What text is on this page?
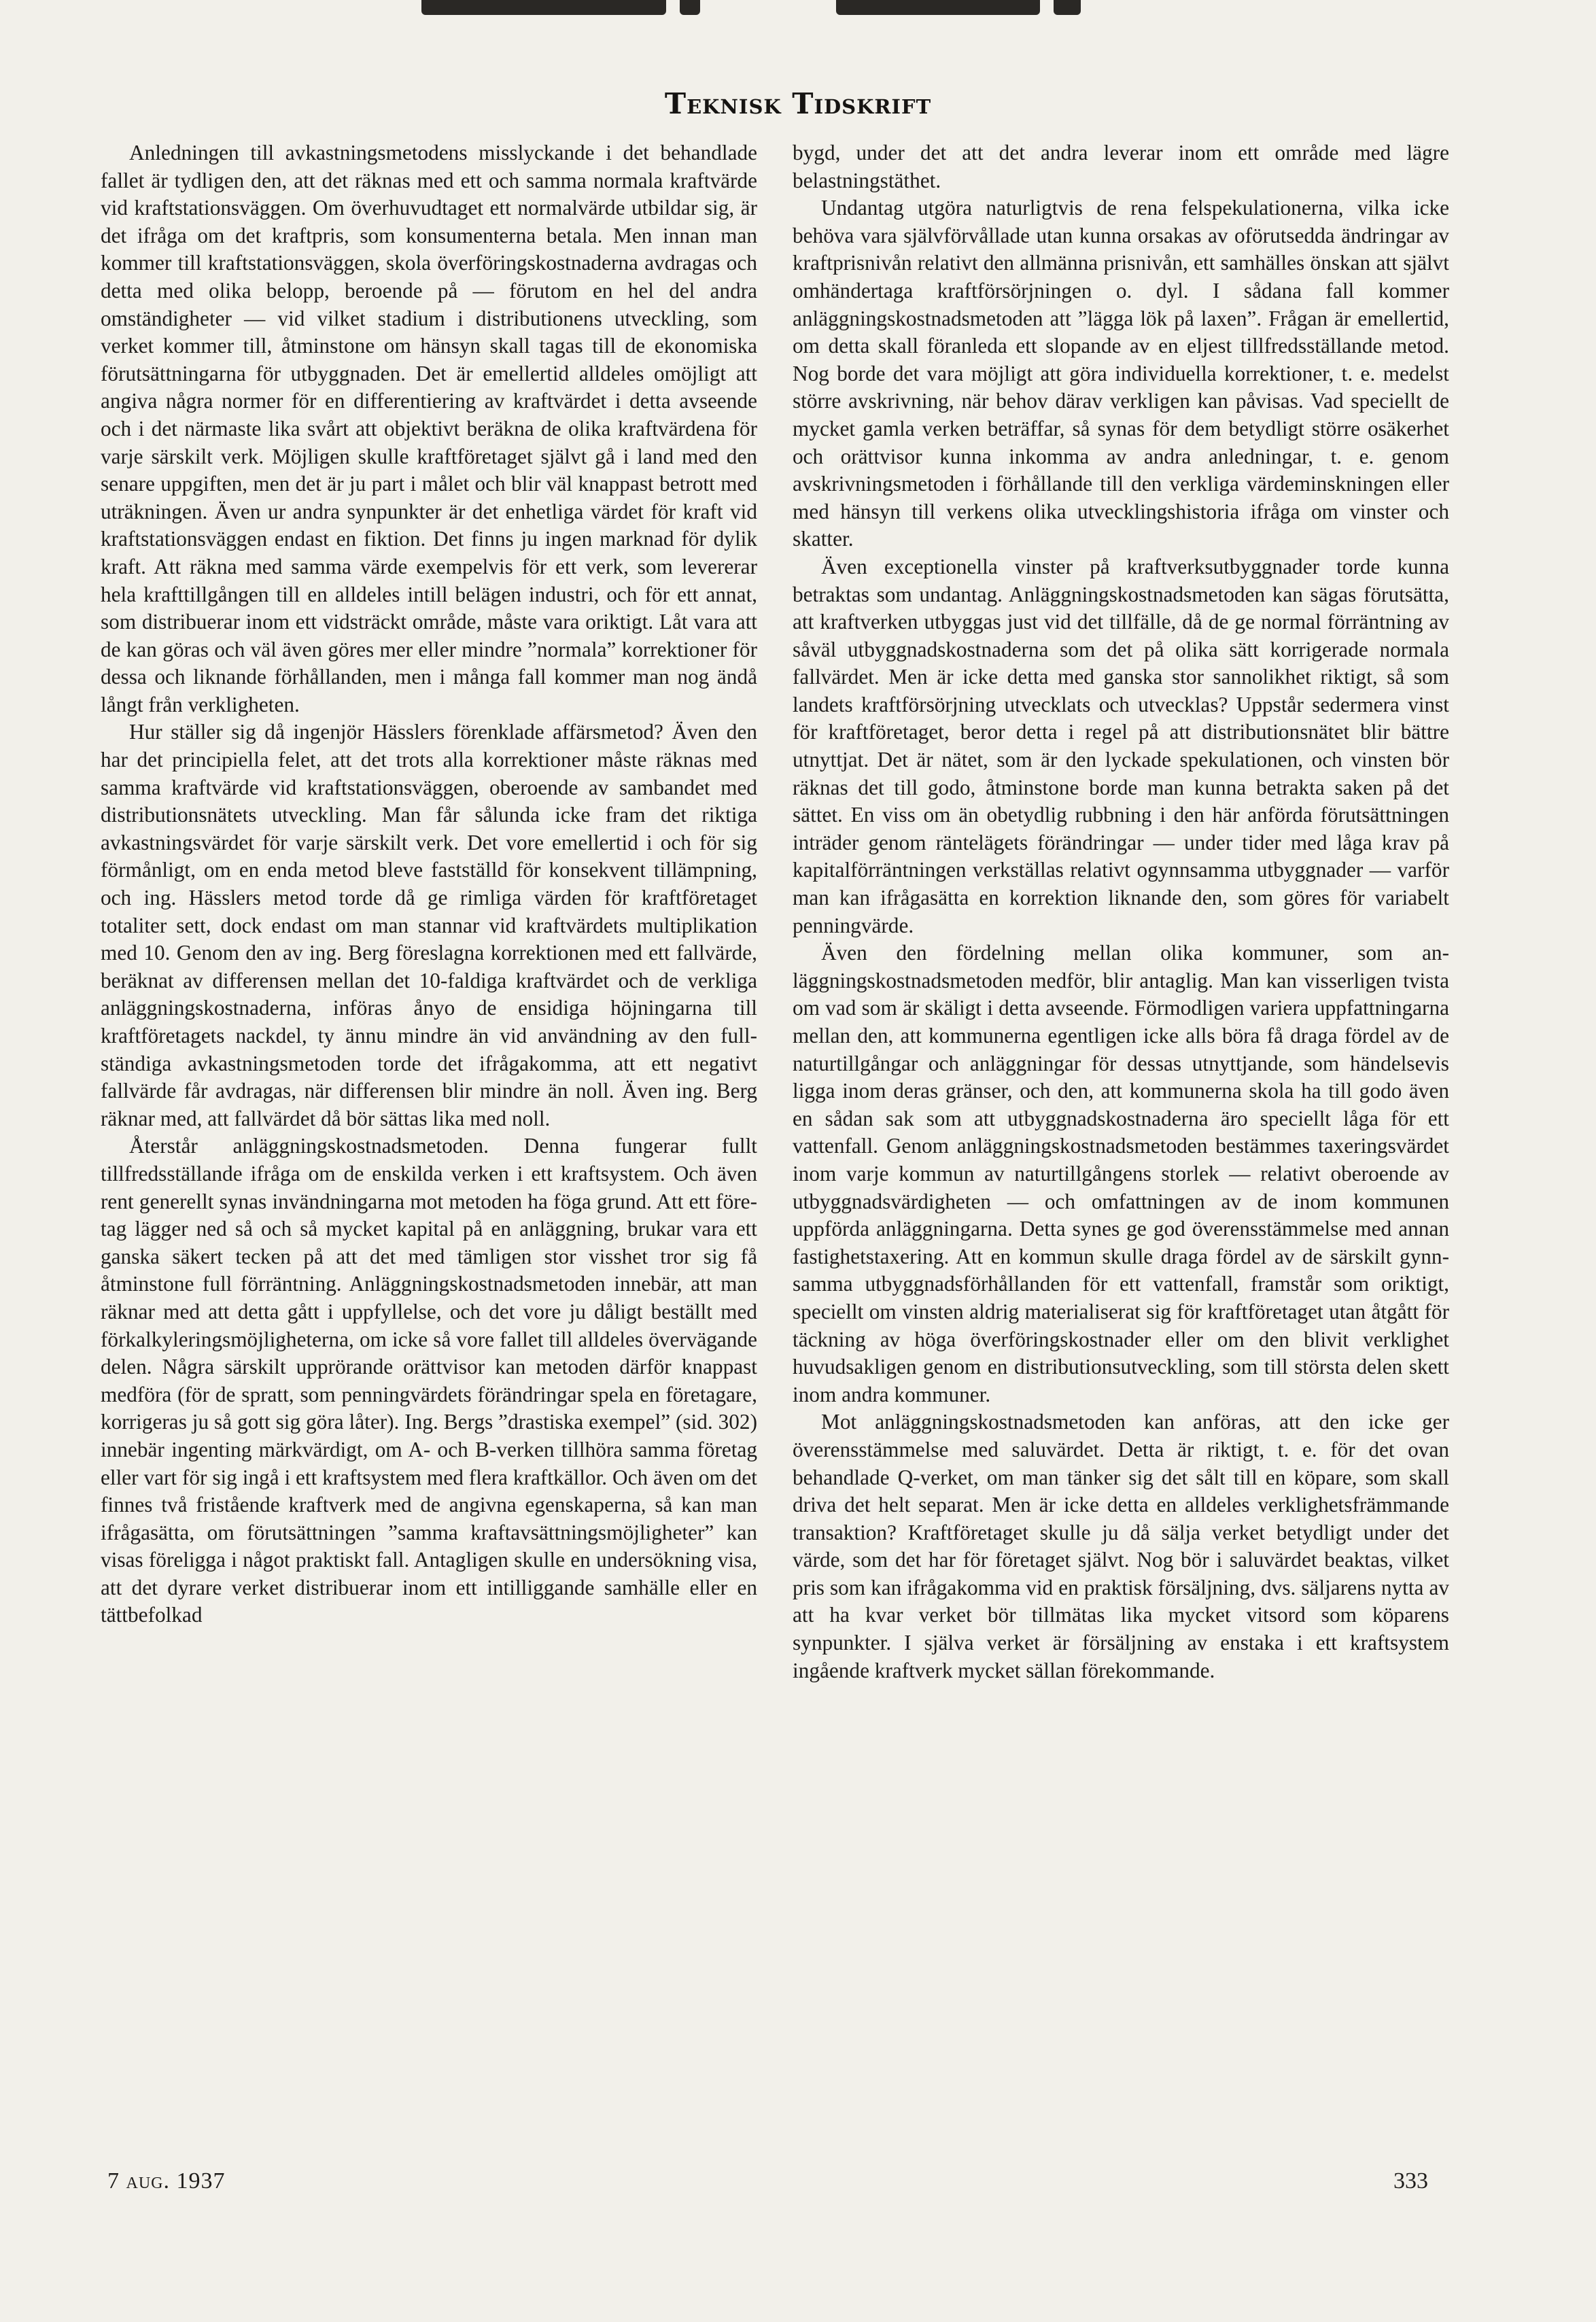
Teknisk Tidskrift

Anledningen till avkastningsmetodens misslyckande i det behandlade fallet är tydligen den, att det räknas med ett och samma normala kraftvärde vid kraftstationsväggen. Om överhuvudtaget ett normalvärde utbildar sig, är det ifråga om det kraftpris, som konsumenterna betala. Men innan man kommer till kraftstationsväggen, skola överföringskostnaderna avdragas och detta med olika belopp, beroende på — förutom en hel del andra omständigheter — vid vilket stadium i distributionens utveckling, som verket kommer till, åtminstone om hänsyn skall tagas till de ekonomiska förutsättningarna för utbyggnaden. Det är emellertid alldeles omöjligt att angiva några normer för en differentiering av kraftvärdet i detta avseende och i det närmaste lika svårt att objektivt beräkna de olika kraftvärdena för varje särskilt verk. Möjligen skulle kraftföretaget självt gå i land med den senare uppgiften, men det är ju part i målet och blir väl knappast betrott med uträkningen. Även ur andra synpunkter är det enhetliga värdet för kraft vid kraftstationsväggen endast en fiktion. Det finns ju ingen marknad för dylik kraft. Att räkna med samma värde exempelvis för ett verk, som levererar hela krafttillgången till en alldeles intill belägen industri, och för ett annat, som distribuerar inom ett vidsträckt område, måste vara oriktigt. Låt vara att de kan göras och väl även göres mer eller mindre ”normala” korrektioner för dessa och liknande förhållanden, men i många fall kommer man nog ändå långt från verkligheten.

Hur ställer sig då ingenjör Hässlers förenklade affärsmetod? Även den har det principiella felet, att det trots alla korrektioner måste räknas med samma kraftvärde vid kraftstationsväggen, oberoende av sambandet med distributionsnätets utveckling. Man får sålunda icke fram det riktiga avkastningsvärdet för varje särskilt verk. Det vore emellertid i och för sig förmånligt, om en enda metod bleve fastställd för konsekvent tillämpning, och ing. Hässlers metod torde då ge rimliga värden för kraftföretaget totaliter sett, dock endast om man stannar vid kraftvärdets multiplikation med 10. Genom den av ing. Berg föreslagna korrektionen med ett fallvärde, beräknat av differensen mellan det 10-faldiga kraftvärdet och de verkliga anläggningskostnaderna, införas ånyo de ensidiga höjningarna till kraftföretagets nackdel, ty ännu mindre än vid användning av den fullständiga avkastningsmetoden torde det ifrågakomma, att ett negativt fallvärde får avdragas, när differensen blir mindre än noll. Även ing. Berg räknar med, att fallvärdet då bör sättas lika med noll.

Återstår anläggningskostnadsmetoden. Denna fungerar fullt tillfredsställande ifråga om de enskilda verken i ett kraftsystem. Och även rent generellt synas invändningarna mot metoden ha föga grund. Att ett företag lägger ned så och så mycket kapital på en anläggning, brukar vara ett ganska säkert tecken på att det med tämligen stor visshet tror sig få åtminstone full förräntning. Anläggningskostnadsmetoden innebär, att man räknar med att detta gått i uppfyllelse, och det vore ju dåligt beställt med förkalkyleringsmöjligheterna, om icke så vore fallet till alldeles övervägande delen. Några särskilt upprörande orättvisor kan metoden därför knappast medföra (för de spratt, som penningvärdets förändringar spela en företagare, korrigeras ju så gott sig göra låter). Ing. Bergs ”drastiska exempel” (sid. 302) innebär ingenting märkvärdigt, om A- och B-verken tillhöra samma företag eller vart för sig ingå i ett kraftsystem med flera kraftkällor. Och även om det finnes två fristående kraftverk med de angivna egenskaperna, så kan man ifrågasätta, om förutsättningen ”samma kraftavsättningsmöjligheter” kan visas föreligga i något praktiskt fall. Antagligen skulle en undersökning visa, att det dyrare verket distribuerar inom ett intilliggande samhälle eller en tättbefolkad

bygd, under det att det andra leverar inom ett område med lägre belastningstäthet.

Undantag utgöra naturligtvis de rena felspekulationerna, vilka icke behöva vara självförvållade utan kunna orsakas av oförutsedda ändringar av kraftprisnivån relativt den allmänna prisnivån, ett samhälles önskan att självt omhändertaga kraftförsörjningen o. dyl. I sådana fall kommer anläggningskostnadsmetoden att ”lägga lök på laxen”. Frågan är emellertid, om detta skall föranleda ett slopande av en eljest tillfredsställande metod. Nog borde det vara möjligt att göra individuella korrektioner, t. e. medelst större avskrivning, när behov därav verkligen kan påvisas. Vad speciellt de mycket gamla verken beträffar, så synas för dem betydligt större osäkerhet och orättvisor kunna inkomma av andra anledningar, t. e. genom avskrivningsmetoden i förhållande till den verkliga värdeminskningen eller med hänsyn till verkens olika utvecklingshistoria ifråga om vinster och skatter.

Även exceptionella vinster på kraftverksutbyggnader torde kunna betraktas som undantag. Anläggningskostnadsmetoden kan sägas förutsätta, att kraftverken utbyggas just vid det tillfälle, då de ge normal förräntning av såväl utbyggnadskostnaderna som det på olika sätt korrigerade normala fallvärdet. Men är icke detta med ganska stor sannolikhet riktigt, så som landets kraftförsörjning utvecklats och utvecklas? Uppstår sedermera vinst för kraftföretaget, beror detta i regel på att distributionsnätet blir bättre utnyttjat. Det är nätet, som är den lyckade spekulationen, och vinsten bör räknas det till godo, åtminstone borde man kunna betrakta saken på det sättet. En viss om än obetydlig rubbning i den här anförda förutsättningen inträder genom räntelägets förändringar — under tider med låga krav på kapitalförräntningen verkställas relativt ogynnsamma utbyggnader — varför man kan ifrågasätta en korrektion liknande den, som göres för variabelt penningvärde.

Även den fördelning mellan olika kommuner, som anläggningskostnadsmetoden medför, blir antaglig. Man kan visserligen tvista om vad som är skäligt i detta avseende. Förmodligen variera uppfattningarna mellan den, att kommunerna egentligen icke alls böra få draga fördel av de naturtillgångar och anläggningar för dessas utnyttjande, som händelsevis ligga inom deras gränser, och den, att kommunerna skola ha till godo även en sådan sak som att utbyggnadskostnaderna äro speciellt låga för ett vattenfall. Genom anläggningskostnadsmetoden bestämmes taxeringsvärdet inom varje kommun av naturtillgångens storlek — relativt oberoende av utbyggnadsvärdigheten — och omfattningen av de inom kommunen uppförda anläggningarna. Detta synes ge god överensstämmelse med annan fastighetstaxering. Att en kommun skulle draga fördel av de särskilt gynnsamma utbyggnadsförhållanden för ett vattenfall, framstår som oriktigt, speciellt om vinsten aldrig materialiserat sig för kraftföretaget utan åtgått för täckning av höga överföringskostnader eller om den blivit verklighet huvudsakligen genom en distributionsutveckling, som till största delen skett inom andra kommuner.

Mot anläggningskostnadsmetoden kan anföras, att den icke ger överensstämmelse med saluvärdet. Detta är riktigt, t. e. för det ovan behandlade Q-verket, om man tänker sig det sålt till en köpare, som skall driva det helt separat. Men är icke detta en alldeles verklighetsfrämmande transaktion? Kraftföretaget skulle ju då sälja verket betydligt under det värde, som det har för företaget självt. Nog bör i saluvärdet beaktas, vilket pris som kan ifrågakomma vid en praktisk försäljning, dvs. säljarens nytta av att ha kvar verket bör tillmätas lika mycket vitsord som köparens synpunkter. I själva verket är försäljning av enstaka i ett kraftsystem ingående kraftverk mycket sällan förekommande.

7 aug. 1937	333
